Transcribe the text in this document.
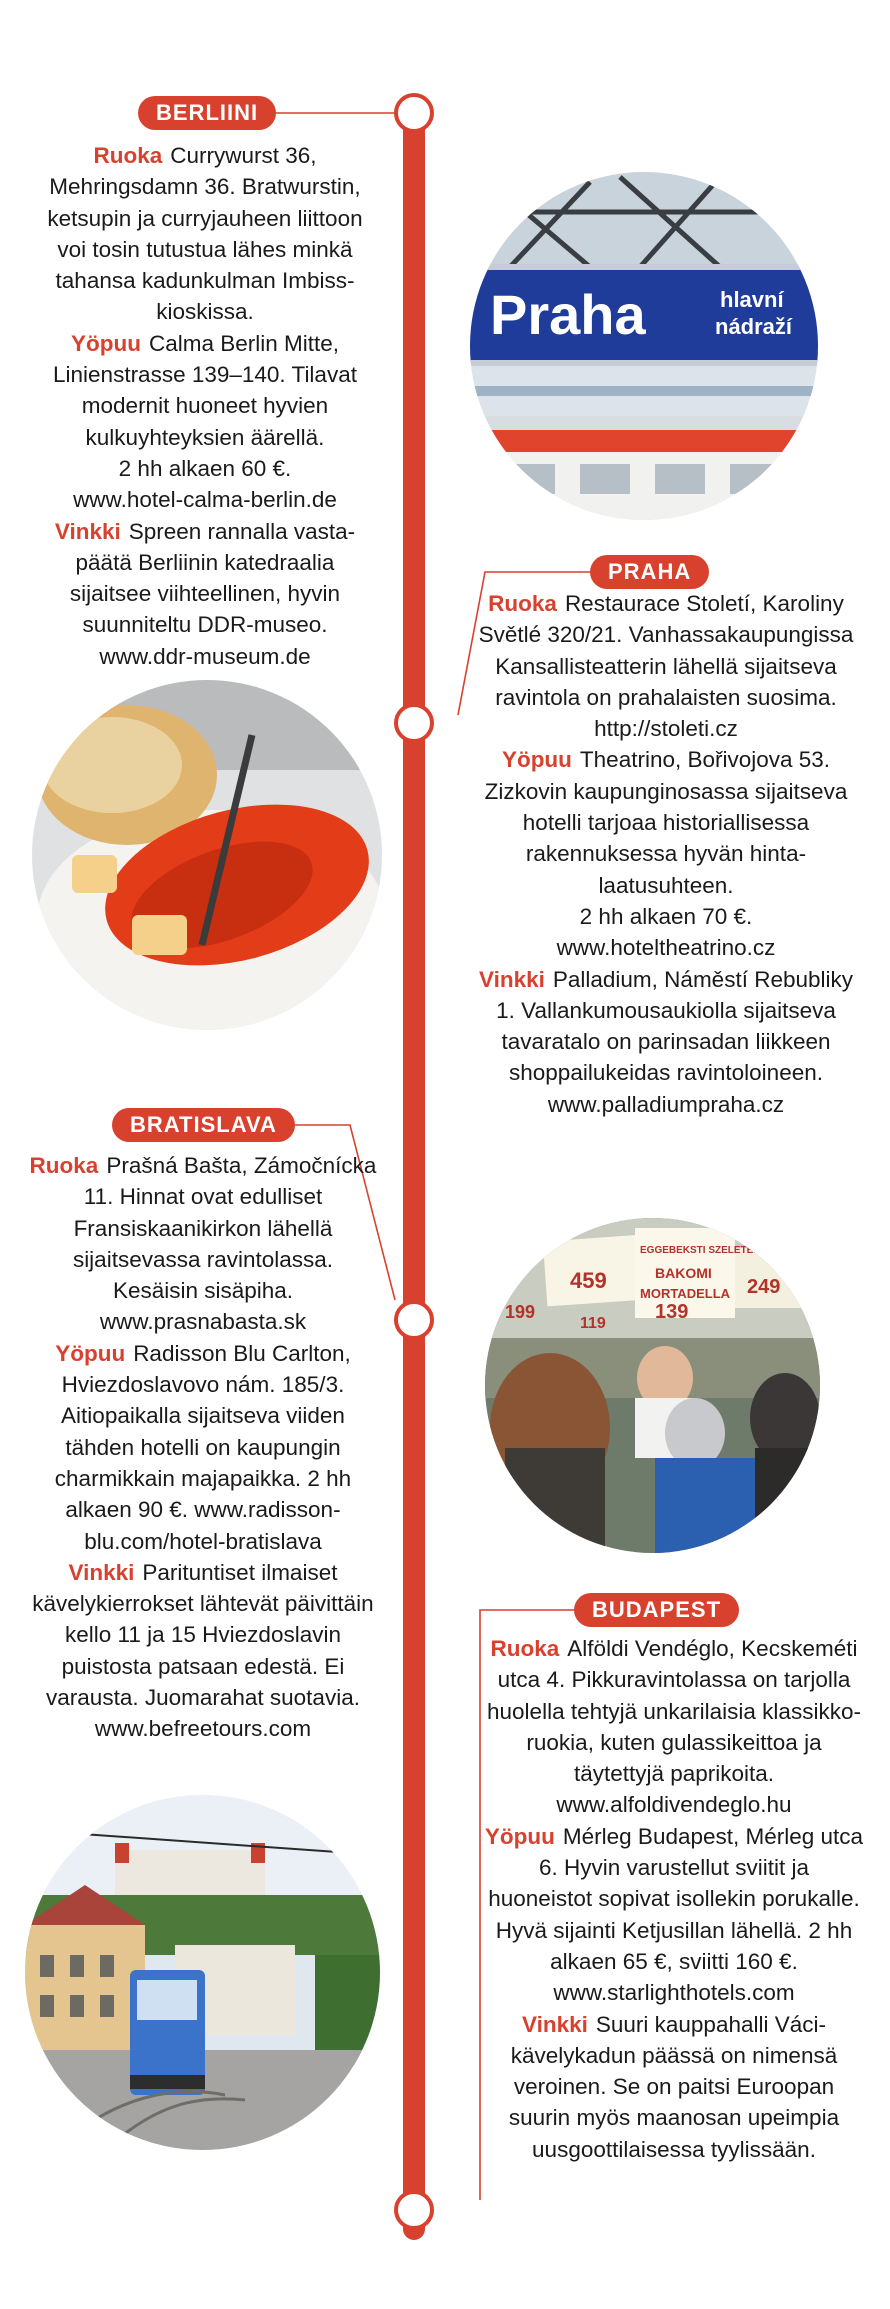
BERLIINI

Ruoka Currywurst 36, Mehringsdamn 36. Bratwurstin, ketsupin ja curryjauheen liittoon voi tosin tutustua lähes minkä tahansa kadunkulman Imbiss-kioskissa.

Yöpuu Calma Berlin Mitte, Linienstrasse 139–140. Tilavat modernit huoneet hyvien kulkuyhteyksien äärellä.

2 hh alkaen 60 €.

www.hotel-calma-berlin.de

Vinkki Spreen rannalla vastapäätä Berliinin katedraalia sijaitsee viihteellinen, hyvin suunniteltu DDR-museo.

www.ddr-museum.de

Praha	hlavní
nádraží
PRAHA

Ruoka Restaurace Století, Karoliny Světlé 320/21. Vanhassakaupungissa Kansallisteatterin lähellä sijaitseva ravintola on prahalaisten suosima. http://stoleti.cz

Yöpuu Theatrino, Bořivojova 53. Zizkovin kaupunginosassa sijaitseva hotelli tarjoaa historiallisessa rakennuksessa hyvän hinta-laatusuhteen.

2 hh alkaen 70 €.

www.hoteltheatrino.cz

Vinkki Palladium, Náměstí Rebubliky 1. Vallankumousaukiolla sijaitseva tavaratalo on parinsadan liikkeen shoppailukeidas ravintoloineen.

www.palladiumpraha.cz

EGGEBEKSTI SZELETELT
BAKOMI
MORTADELLA
139
459	249
199
119
BRATISLAVA

Ruoka Prašná Bašta, Zámočnícka 11. Hinnat ovat edulliset Fransiskaanikirkon lähellä sijaitsevassa ravintolassa. Kesäisin sisäpiha.

www.prasnabasta.sk

Yöpuu Radisson Blu Carlton, Hviezdoslavovo nám. 185/3. Aitiopaikalla sijaitseva viiden tähden hotelli on kaupungin charmikkain majapaikka. 2 hh alkaen 90 €. www.radissonblu.com/hotel-bratislava

Vinkki Parituntiset ilmaiset kävelykierrokset lähtevät päivittäin kello 11 ja 15 Hviezdoslavin puistosta patsaan edestä. Ei varausta. Juomarahat suotavia.

www.befreetours.com

BUDAPEST

Ruoka Alföldi Vendéglo, Kecskeméti utca 4. Pikkuravintolassa on tarjolla huolella tehtyjä unkarilaisia klassikkoruokia, kuten gulassikeittoa ja täytettyjä paprikoita.

www.alfoldivendeglo.hu

Yöpuu Mérleg Budapest, Mérleg utca 6. Hyvin varustellut sviitit ja huoneistot sopivat isollekin porukalle. Hyvä sijainti Ketjusillan lähellä. 2 hh alkaen 65 €, sviitti 160 €.

www.starlighthotels.com

Vinkki Suuri kauppahalli Váci-kävelykadun päässä on nimensä veroinen. Se on paitsi Euroopan suurin myös maanosan upeimpia uusgoottilaisessa tyylissään.
